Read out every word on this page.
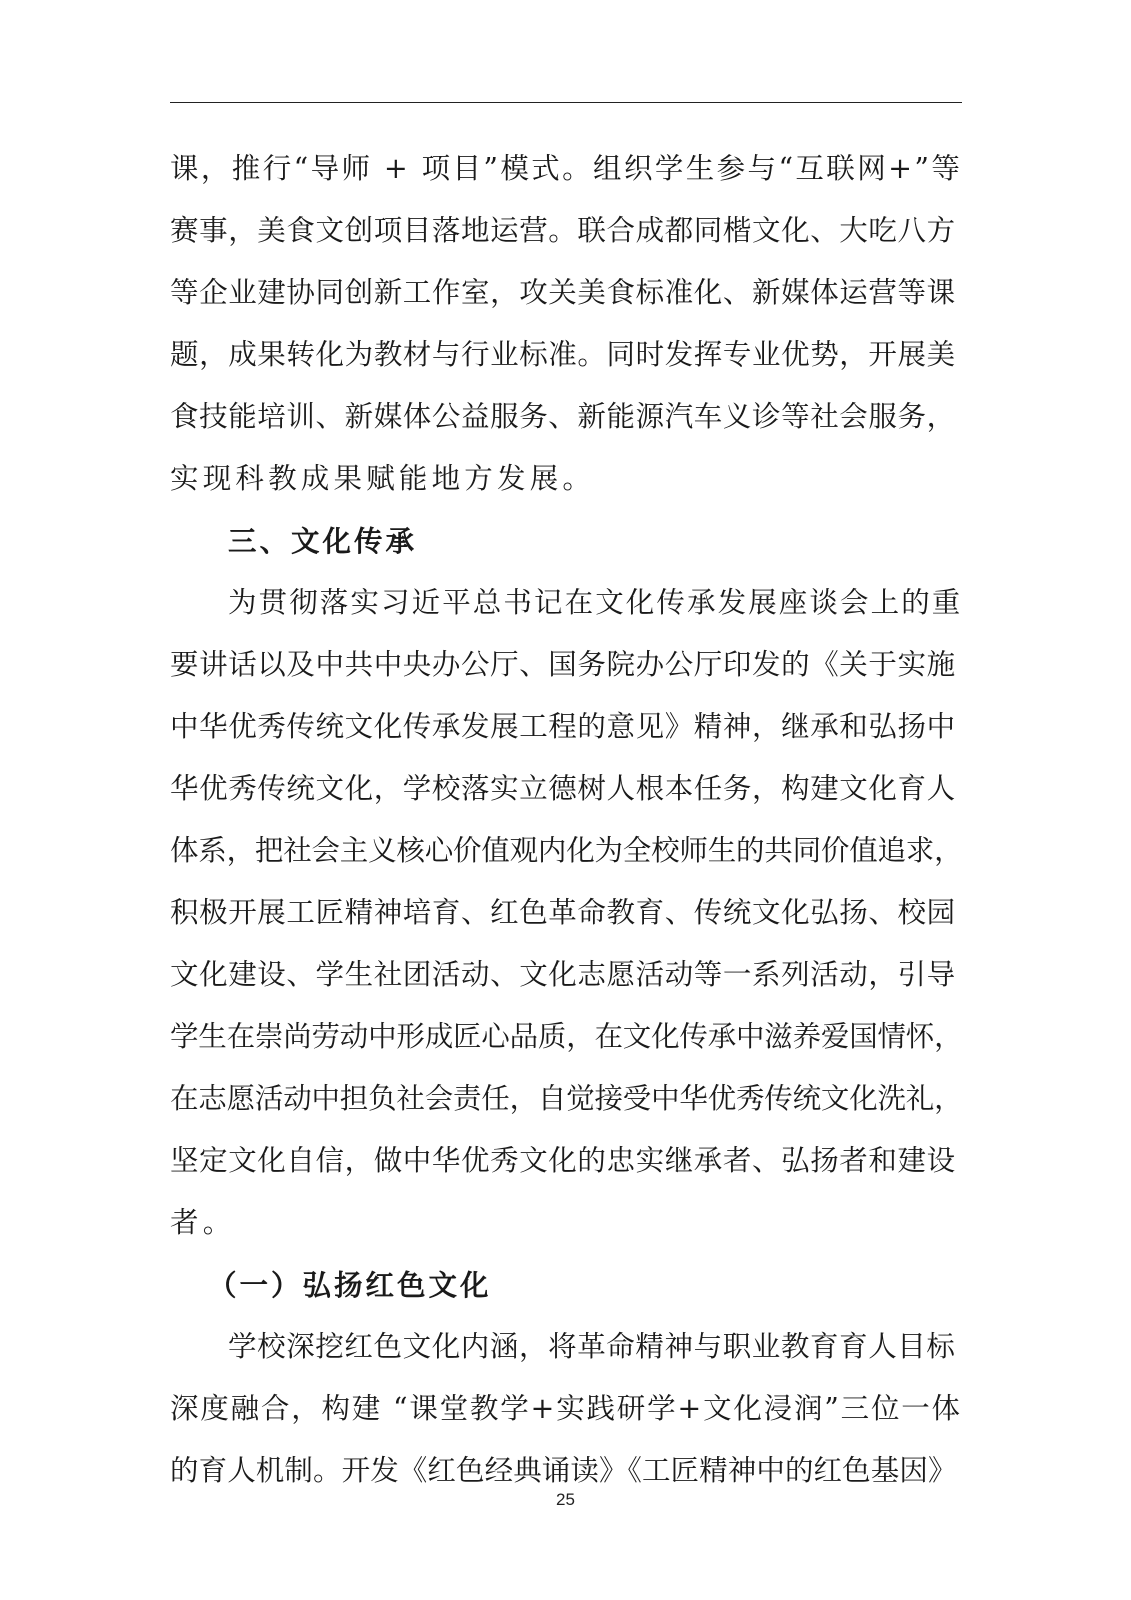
课，推行“导师 + 项目”模式。组织学生参与“互联网+”等
赛事，美食文创项目落地运营。联合成都同楷文化、大吃八方
等企业建协同创新工作室，攻关美食标准化、新媒体运营等课
题，成果转化为教材与行业标准。同时发挥专业优势，开展美
食技能培训、新媒体公益服务、新能源汽车义诊等社会服务，
实现科教成果赋能地方发展。
三、文化传承
为贯彻落实习近平总书记在文化传承发展座谈会上的重
要讲话以及中共中央办公厅、国务院办公厅印发的《关于实施
中华优秀传统文化传承发展工程的意见》精神，继承和弘扬中
华优秀传统文化，学校落实立德树人根本任务，构建文化育人
体系，把社会主义核心价值观内化为全校师生的共同价值追求，
积极开展工匠精神培育、红色革命教育、传统文化弘扬、校园
文化建设、学生社团活动、文化志愿活动等一系列活动，引导
学生在崇尚劳动中形成匠心品质，在文化传承中滋养爱国情怀，
在志愿活动中担负社会责任，自觉接受中华优秀传统文化洗礼，
坚定文化自信，做中华优秀文化的忠实继承者、弘扬者和建设
者。
（一）弘扬红色文化
学校深挖红色文化内涵，将革命精神与职业教育育人目标
深度融合，构建 “课堂教学+实践研学+文化浸润”三位一体
的育人机制。开发《红色经典诵读》《工匠精神中的红色基因》
25
